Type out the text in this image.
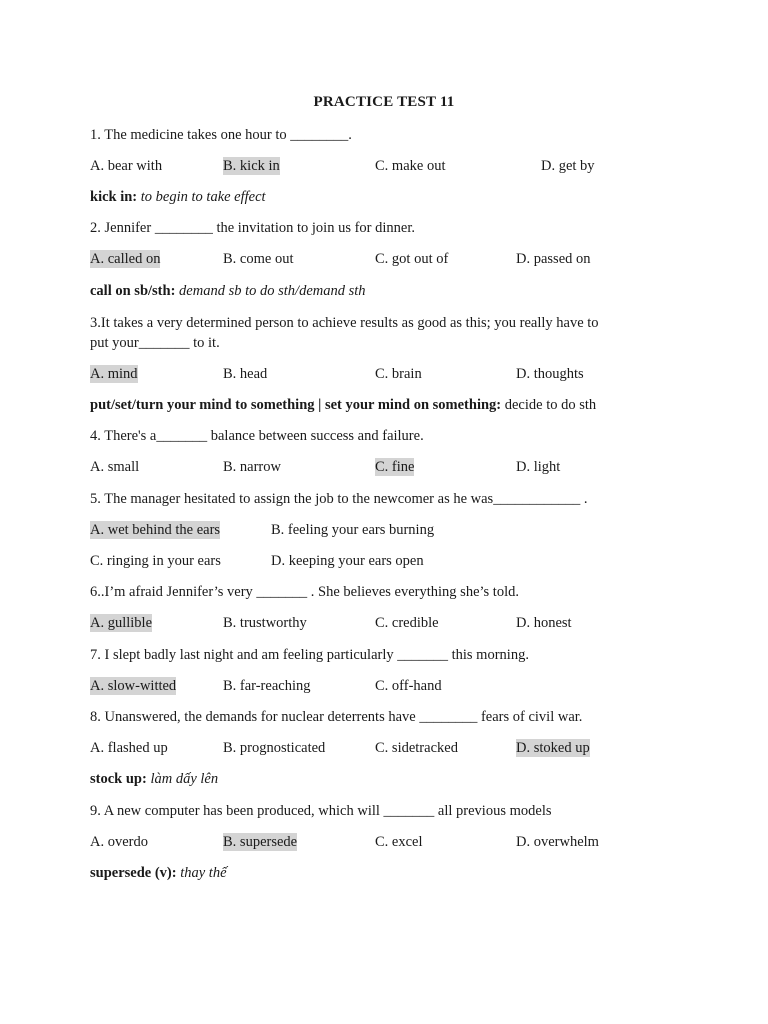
PRACTICE TEST 11
1. The medicine takes one hour to ________.
A. bear with	B. kick in	C. make out	D. get by
kick in: to begin to take effect
2. Jennifer ________ the invitation to join us for dinner.
A. called on	B. come out	C. got out of	D. passed on
call on sb/sth: demand sb to do sth/demand sth
3.It takes a very determined person to achieve results as good as this; you really have to
put your_______ to it.
A. mind	B. head	C. brain	D. thoughts
put/set/turn your mind to something | set your mind on something: decide to do sth
4. There's a_______ balance between success and failure.
A. small	B. narrow	C. fine	D. light
5. The manager hesitated to assign the job to the newcomer as he was____________ .
A. wet behind the ears	B. feeling your ears burning
C. ringing in your ears	D. keeping your ears open
6..I’m afraid Jennifer’s very _______ . She believes everything she’s told.
A. gullible	B. trustworthy	C. credible	D. honest
7. I slept badly last night and am feeling particularly _______ this morning.
A. slow-witted	B. far-reaching	C. off-hand
8. Unanswered, the demands for nuclear deterrents have ________ fears of civil war.
A. flashed up	B. prognosticated	C. sidetracked	D. stoked up
stock up: làm dấy lên
9. A new computer has been produced, which will _______ all previous models
A. overdo	B. supersede	C. excel	D. overwhelm
supersede (v): thay thế
